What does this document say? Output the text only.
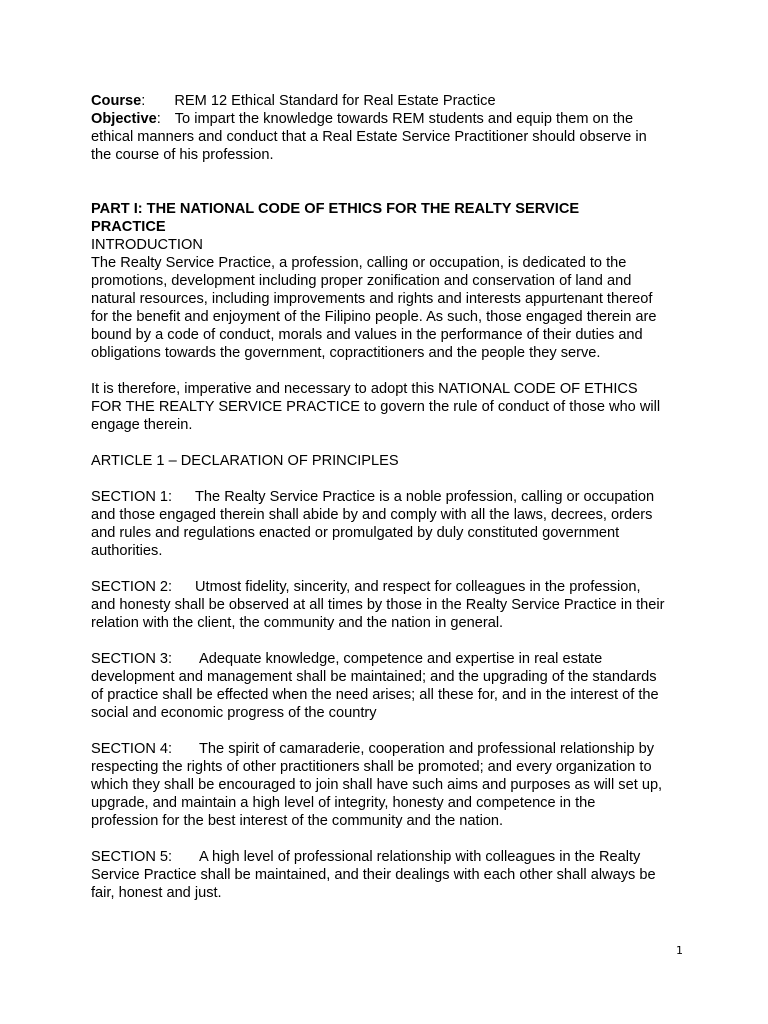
Course: REM 12 Ethical Standard for Real Estate Practice

Objective: To impart the knowledge towards REM students and equip them on the

ethical manners and conduct that a Real Estate Service Practitioner should observe in

the course of his profession.

PART I: THE NATIONAL CODE OF ETHICS FOR THE REALTY SERVICE

PRACTICE

INTRODUCTION

The Realty Service Practice, a profession, calling or occupation, is dedicated to the

promotions, development including proper zonification and conservation of land and

natural resources, including improvements and rights and interests appurtenant thereof

for the benefit and enjoyment of the Filipino people. As such, those engaged therein are

bound by a code of conduct, morals and values in the performance of their duties and

obligations towards the government, copractitioners and the people they serve.

It is therefore, imperative and necessary to adopt this NATIONAL CODE OF ETHICS

FOR THE REALTY SERVICE PRACTICE to govern the rule of conduct of those who will

engage therein.

ARTICLE 1 – DECLARATION OF PRINCIPLES

SECTION 1: The Realty Service Practice is a noble profession, calling or occupation

and those engaged therein shall abide by and comply with all the laws, decrees, orders

and rules and regulations enacted or promulgated by duly constituted government

authorities.

SECTION 2: Utmost fidelity, sincerity, and respect for colleagues in the profession,

and honesty shall be observed at all times by those in the Realty Service Practice in their

relation with the client, the community and the nation in general.

SECTION 3: Adequate knowledge, competence and expertise in real estate

development and management shall be maintained; and the upgrading of the standards

of practice shall be effected when the need arises; all these for, and in the interest of the

social and economic progress of the country

SECTION 4: The spirit of camaraderie, cooperation and professional relationship by

respecting the rights of other practitioners shall be promoted; and every organization to

which they shall be encouraged to join shall have such aims and purposes as will set up,

upgrade, and maintain a high level of integrity, honesty and competence in the

profession for the best interest of the community and the nation.

SECTION 5: A high level of professional relationship with colleagues in the Realty

Service Practice shall be maintained, and their dealings with each other shall always be

fair, honest and just.

1
